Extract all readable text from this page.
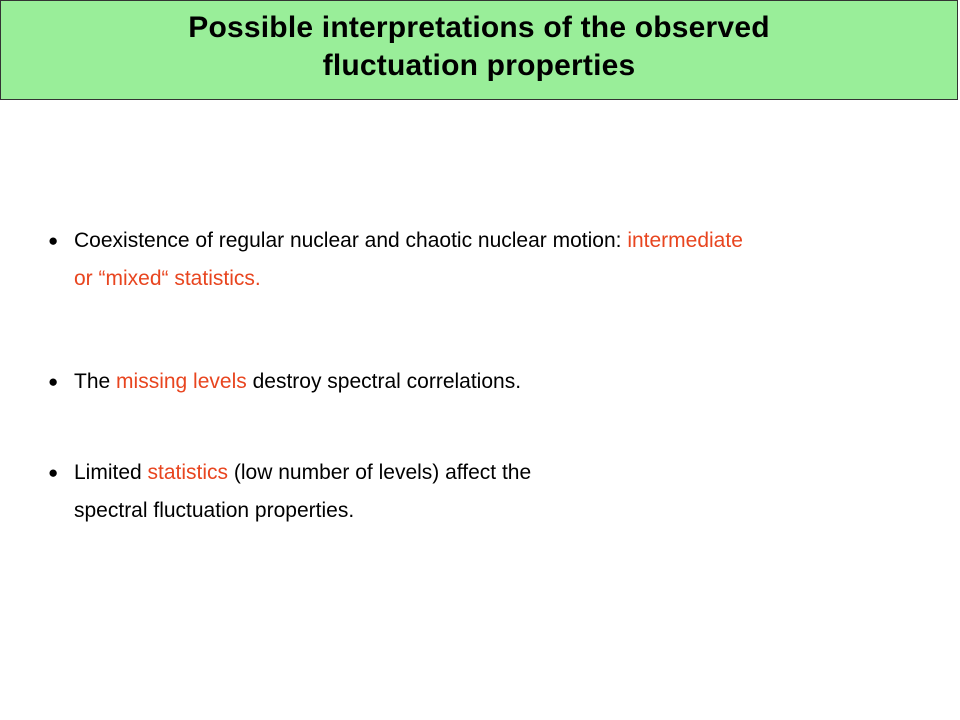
Possible interpretations of the observed
fluctuation properties
● Coexistence of regular nuclear and chaotic nuclear motion: intermediate
or “mixed“ statistics.
● The missing levels destroy spectral correlations.
● Limited statistics (low number of levels) affect the
spectral fluctuation properties.
